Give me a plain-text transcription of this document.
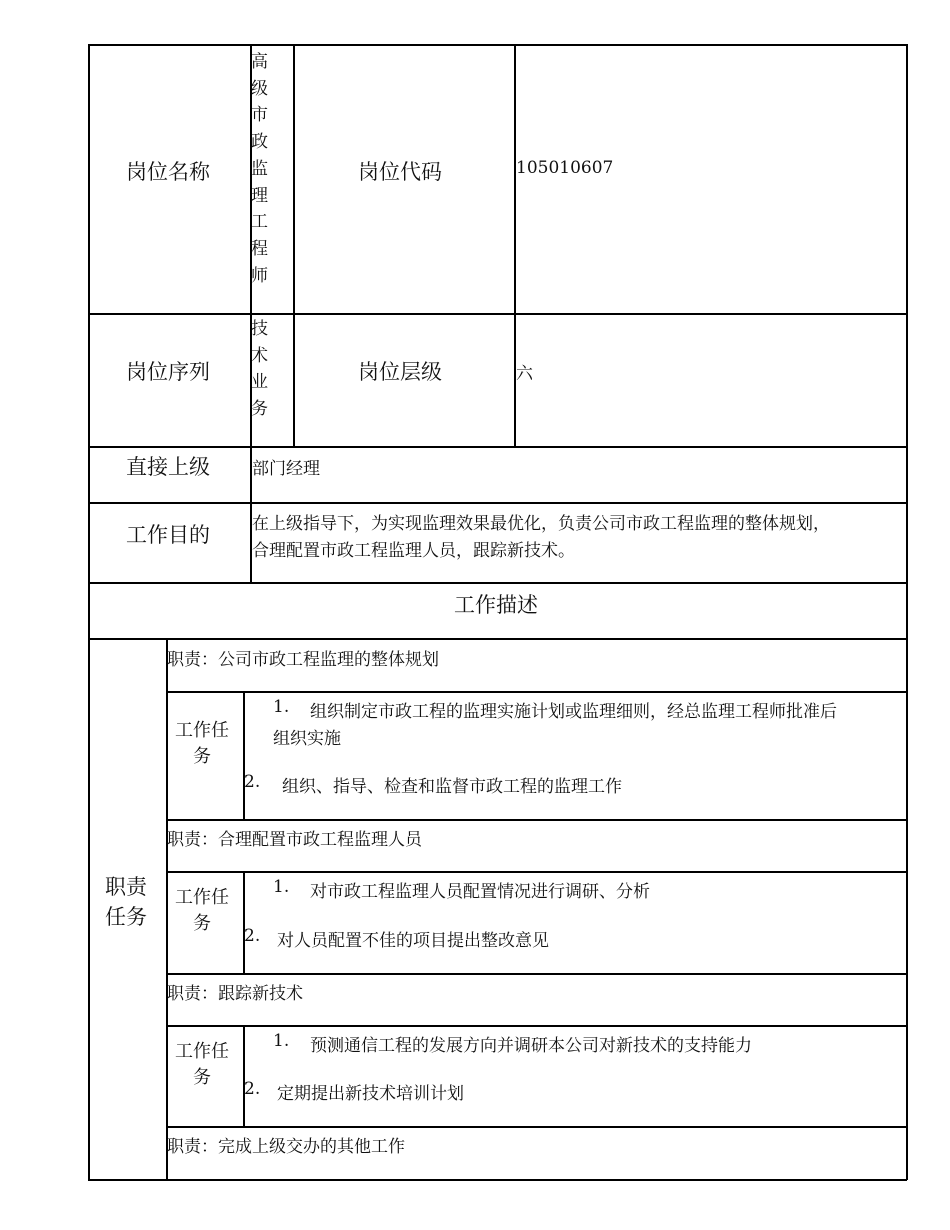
岗位名称
高级市政监理工程师
岗位代码	105010607
岗位序列
技术业务
岗位层级	六
直接上级 部门经理
工作目的 在上级指导下，为实现监理效果最优化，负责公司市政工程监理的整体规划，
合理配置市政工程监理人员，跟踪新技术。
工作描述
职责
任务
职责：公司市政工程监理的整体规划
工作任
务
1. 组织制定市政工程的监理实施计划或监理细则，经总监理工程师批准后
组织实施
2. 组织、指导、检查和监督市政工程的监理工作
职责：合理配置市政工程监理人员
工作任
务
1. 对市政工程监理人员配置情况进行调研、分析
2. 对人员配置不佳的项目提出整改意见
职责：跟踪新技术
工作任
务
1. 预测通信工程的发展方向并调研本公司对新技术的支持能力
2. 定期提出新技术培训计划
职责：完成上级交办的其他工作
